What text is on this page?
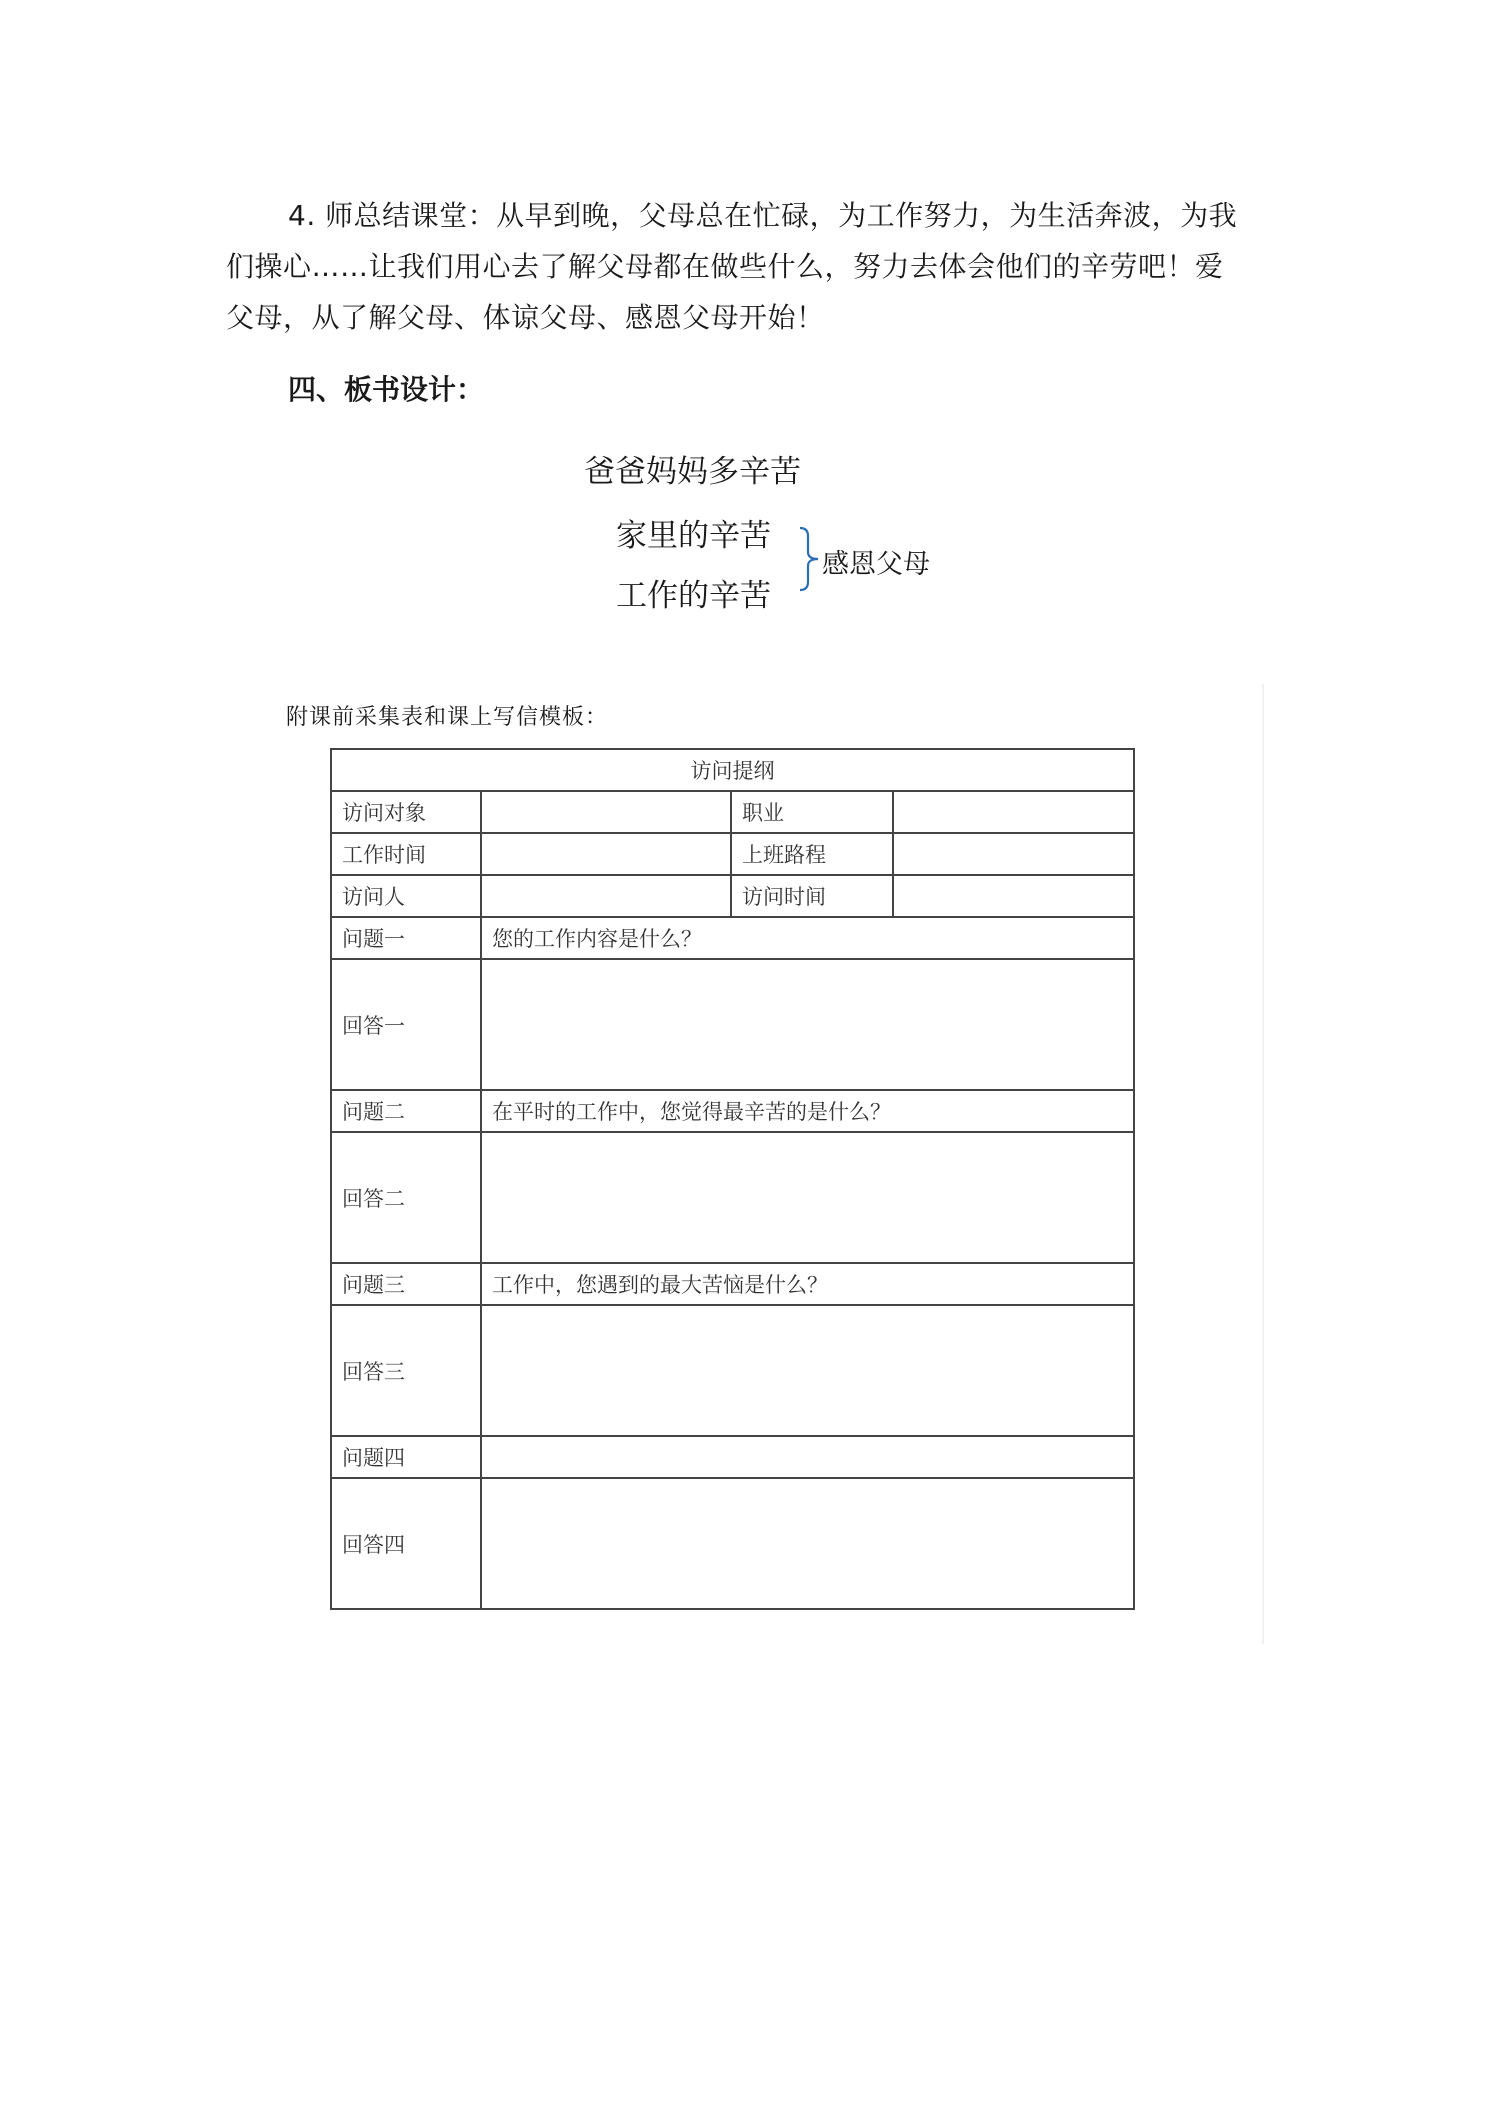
4. 师总结课堂：从早到晚，父母总在忙碌，为工作努力，为生活奔波，为我
们操心……让我们用心去了解父母都在做些什么，努力去体会他们的辛劳吧！爱
父母，从了解父母、体谅父母、感恩父母开始！
四、板书设计：
爸爸妈妈多辛苦
家里的辛苦
工作的辛苦
感恩父母
附课前采集表和课上写信模板：
访问提纲			
访问对象		职业	
工作时间		上班路程	
访问人		访问时间	
问题一	您的工作内容是什么？		
回答一			
问题二	在平时的工作中，您觉得最辛苦的是什么？		
回答二			
问题三	工作中，您遇到的最大苦恼是什么？		
回答三			
问题四			
回答四			
